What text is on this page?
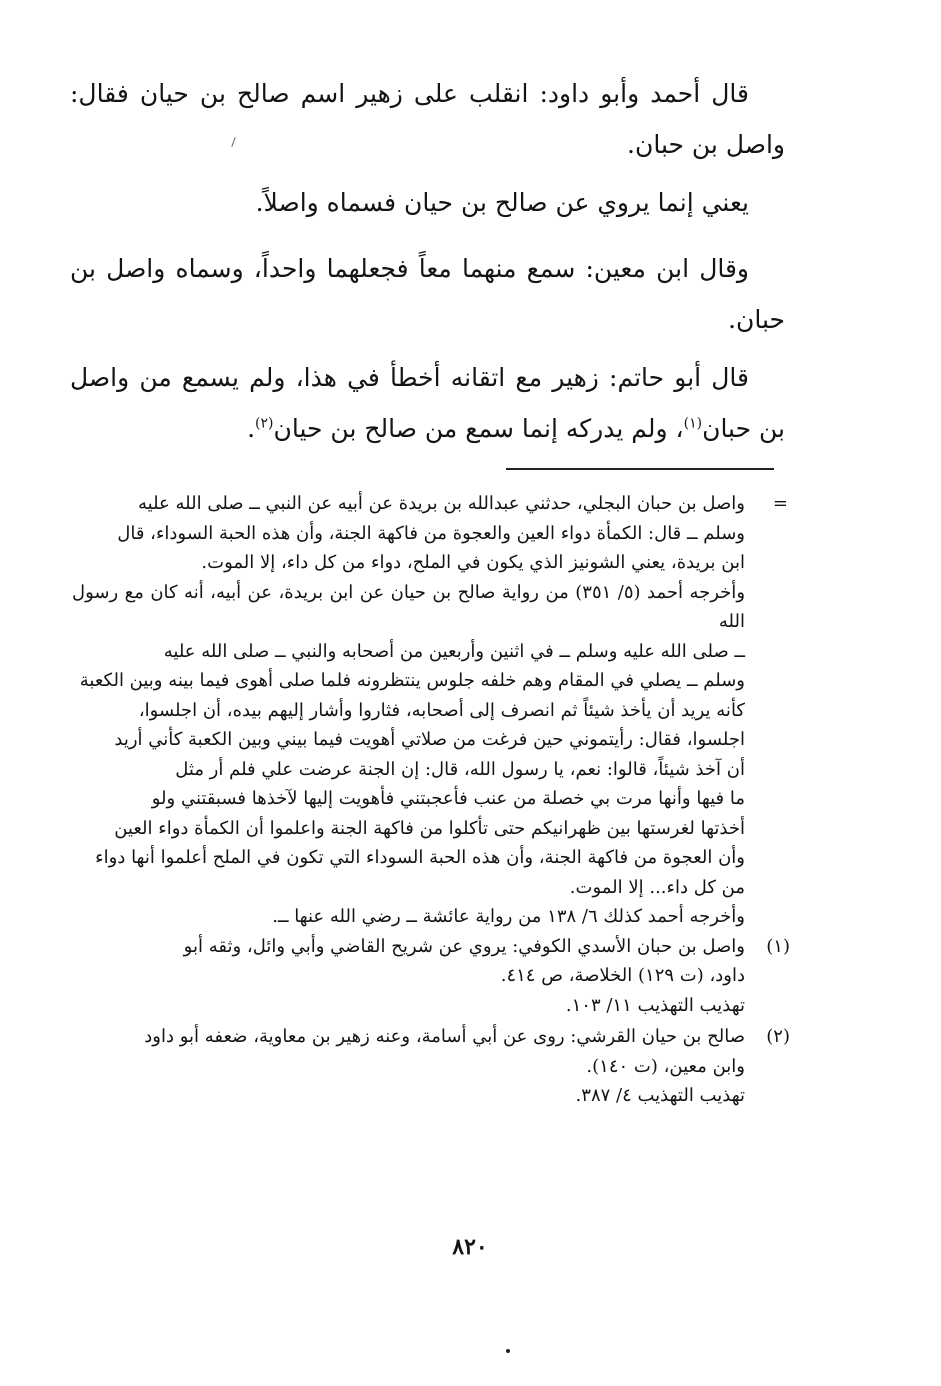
قال أحمد وأبو داود: انقلب على زهير اسم صالح بن حيان فقال: واصل بن حبان.

يعني إنما يروي عن صالح بن حيان فسماه واصلاً.

وقال ابن معين: سمع منهما معاً فجعلهما واحداً، وسماه واصل بن حبان.

قال أبو حاتم: زهير مع اتقانه أخطأ في هذا، ولم يسمع من واصل بن حبان$^{(١)}$، ولم يدركه إنما سمع من صالح بن حيان$^{(٢)}$.

=
واصل بن حبان البجلي، حدثني عبدالله بن بريدة عن أبيه عن النبي ــ صلى الله عليه
وسلم ــ قال: الكمأة دواء العين والعجوة من فاكهة الجنة، وأن هذه الحبة السوداء، قال
ابن بريدة، يعني الشونيز الذي يكون في الملح، دواء من كل داء، إلا الموت.
وأخرجه أحمد (٥/ ٣٥١) من رواية صالح بن حيان عن ابن بريدة، عن أبيه، أنه كان مع رسول الله
ــ صلى الله عليه وسلم ــ في اثنين وأربعين من أصحابه والنبي ــ صلى الله عليه
وسلم ــ يصلي في المقام وهم خلفه جلوس ينتظرونه فلما صلى أهوى فيما بينه وبين الكعبة
كأنه يريد أن يأخذ شيئاً ثم انصرف إلى أصحابه، فثاروا وأشار إليهم بيده، أن اجلسوا،
اجلسوا، فقال: رأيتموني حين فرغت من صلاتي أهويت فيما بيني وبين الكعبة كأني أريد
أن آخذ شيئاً، قالوا: نعم، يا رسول الله، قال: إن الجنة عرضت علي فلم أر مثل
ما فيها وأنها مرت بي خصلة من عنب فأعجبتني فأهويت إليها لآخذها فسبقتني ولو
أخذتها لغرستها بين ظهرانيكم حتى تأكلوا من فاكهة الجنة واعلموا أن الكمأة دواء العين
وأن العجوة من فاكهة الجنة، وأن هذه الحبة السوداء التي تكون في الملح أعلموا أنها دواء
من كل داء... إلا الموت.
وأخرجه أحمد كذلك ٦/ ١٣٨ من رواية عائشة ــ رضي الله عنها ــ.
(١)
واصل بن حبان الأسدي الكوفي: يروي عن شريح القاضي وأبي وائل، وثقه أبو
داود، (ت ١٢٩) الخلاصة، ص ٤١٤.
تهذيب التهذيب ١١/ ١٠٣.
(٢)
صالح بن حيان القرشي: روى عن أبي أسامة، وعنه زهير بن معاوية، ضعفه أبو داود
وابن معين، (ت ١٤٠).
تهذيب التهذيب ٤/ ٣٨٧.
٨٢٠
